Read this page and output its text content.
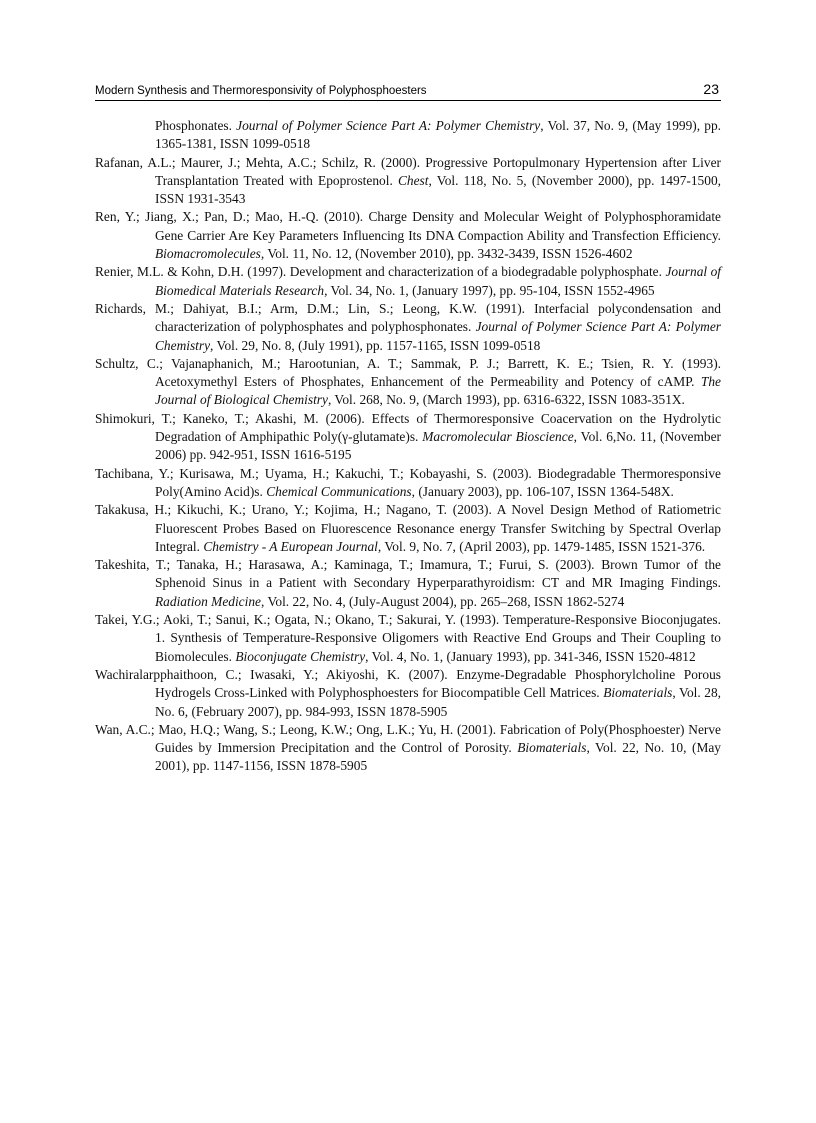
Modern Synthesis and Thermoresponsivity of Polyphosphoesters	23

Phosphonates. Journal of Polymer Science Part A: Polymer Chemistry, Vol. 37, No. 9, (May 1999), pp. 1365-1381, ISSN 1099-0518

Rafanan, A.L.; Maurer, J.; Mehta, A.C.; Schilz, R. (2000). Progressive Portopulmonary Hypertension after Liver Transplantation Treated with Epoprostenol. Chest, Vol. 118, No. 5, (November 2000), pp. 1497-1500, ISSN 1931-3543

Ren, Y.; Jiang, X.; Pan, D.; Mao, H.-Q. (2010). Charge Density and Molecular Weight of Polyphosphoramidate Gene Carrier Are Key Parameters Influencing Its DNA Compaction Ability and Transfection Efficiency. Biomacromolecules, Vol. 11, No. 12, (November 2010), pp. 3432-3439, ISSN 1526-4602

Renier, M.L. & Kohn, D.H. (1997). Development and characterization of a biodegradable polyphosphate. Journal of Biomedical Materials Research, Vol. 34, No. 1, (January 1997), pp. 95-104, ISSN 1552-4965

Richards, M.; Dahiyat, B.I.; Arm, D.M.; Lin, S.; Leong, K.W. (1991). Interfacial polycondensation and characterization of polyphosphates and polyphosphonates. Journal of Polymer Science Part A: Polymer Chemistry, Vol. 29, No. 8, (July 1991), pp. 1157-1165, ISSN 1099-0518

Schultz, C.; Vajanaphanich, M.; Harootunian, A. T.; Sammak, P. J.; Barrett, K. E.; Tsien, R. Y. (1993). Acetoxymethyl Esters of Phosphates, Enhancement of the Permeability and Potency of cAMP. The Journal of Biological Chemistry, Vol. 268, No. 9, (March 1993), pp. 6316-6322, ISSN 1083-351X.

Shimokuri, T.; Kaneko, T.; Akashi, M. (2006). Effects of Thermoresponsive Coacervation on the Hydrolytic Degradation of Amphipathic Poly(γ-glutamate)s. Macromolecular Bioscience, Vol. 6,No. 11, (November 2006) pp. 942-951, ISSN 1616-5195

Tachibana, Y.; Kurisawa, M.; Uyama, H.; Kakuchi, T.; Kobayashi, S. (2003). Biodegradable Thermoresponsive Poly(Amino Acid)s. Chemical Communications, (January 2003), pp. 106-107, ISSN 1364-548X.

Takakusa, H.; Kikuchi, K.; Urano, Y.; Kojima, H.; Nagano, T. (2003). A Novel Design Method of Ratiometric Fluorescent Probes Based on Fluorescence Resonance energy Transfer Switching by Spectral Overlap Integral. Chemistry - A European Journal, Vol. 9, No. 7, (April 2003), pp. 1479-1485, ISSN 1521-376.

Takeshita, T.; Tanaka, H.; Harasawa, A.; Kaminaga, T.; Imamura, T.; Furui, S. (2003). Brown Tumor of the Sphenoid Sinus in a Patient with Secondary Hyperparathyroidism: CT and MR Imaging Findings. Radiation Medicine, Vol. 22, No. 4, (July-August 2004), pp. 265–268, ISSN 1862-5274

Takei, Y.G.; Aoki, T.; Sanui, K.; Ogata, N.; Okano, T.; Sakurai, Y. (1993). Temperature-Responsive Bioconjugates. 1. Synthesis of Temperature-Responsive Oligomers with Reactive End Groups and Their Coupling to Biomolecules. Bioconjugate Chemistry, Vol. 4, No. 1, (January 1993), pp. 341-346, ISSN 1520-4812

Wachiralarpphaithoon, C.; Iwasaki, Y.; Akiyoshi, K. (2007). Enzyme-Degradable Phosphorylcholine Porous Hydrogels Cross-Linked with Polyphosphoesters for Biocompatible Cell Matrices. Biomaterials, Vol. 28, No. 6, (February 2007), pp. 984-993, ISSN 1878-5905

Wan, A.C.; Mao, H.Q.; Wang, S.; Leong, K.W.; Ong, L.K.; Yu, H. (2001). Fabrication of Poly(Phosphoester) Nerve Guides by Immersion Precipitation and the Control of Porosity. Biomaterials, Vol. 22, No. 10, (May 2001), pp. 1147-1156, ISSN 1878-5905
